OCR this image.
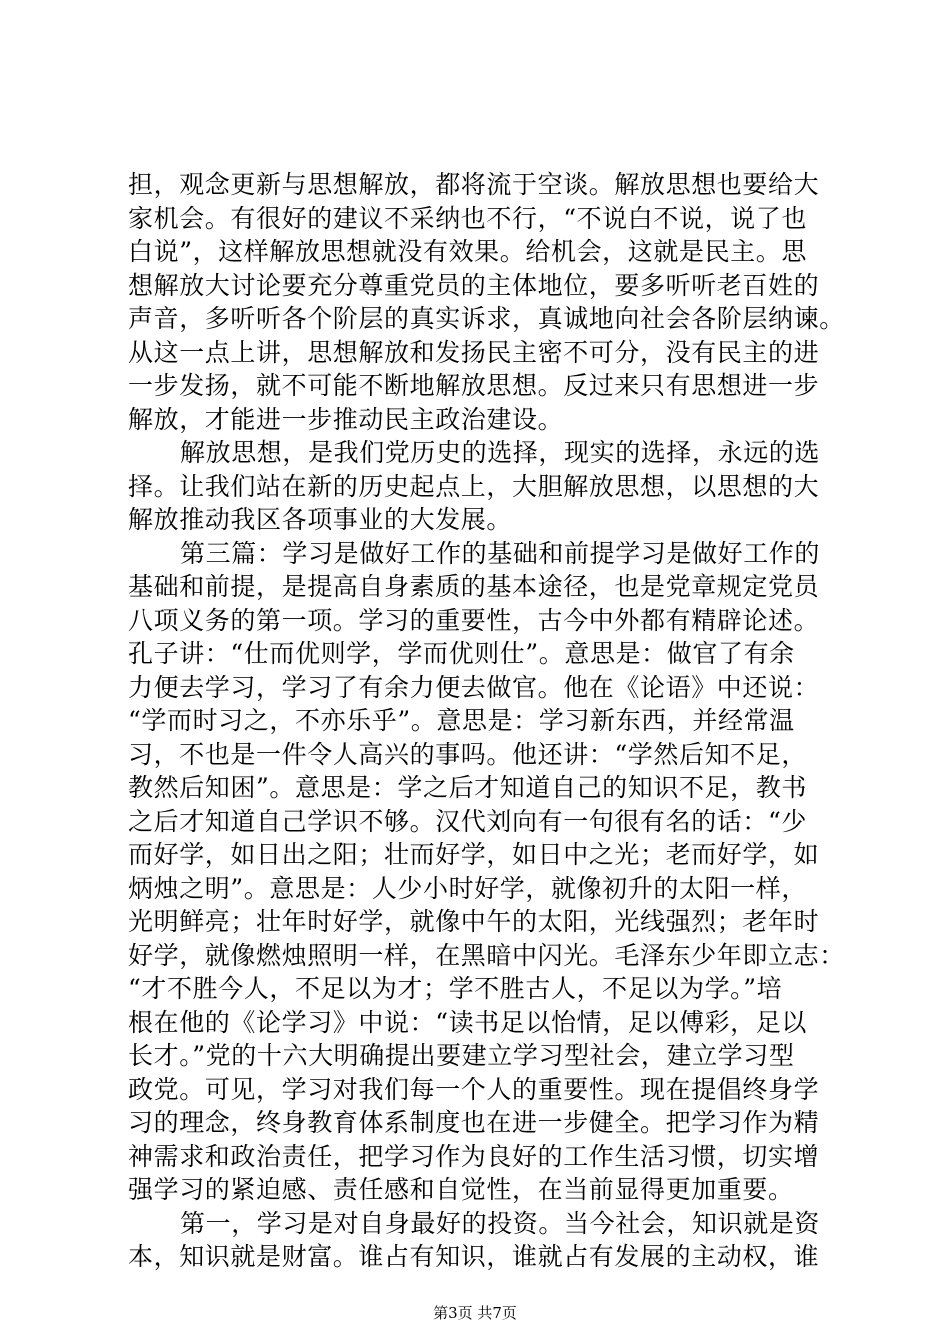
担，观念更新与思想解放，都将流于空谈。解放思想也要给大
家机会。有很好的建议不采纳也不行，“不说白不说，说了也
白说”，这样解放思想就没有效果。给机会，这就是民主。思
想解放大讨论要充分尊重党员的主体地位，要多听听老百姓的
声音，多听听各个阶层的真实诉求，真诚地向社会各阶层纳谏。
从这一点上讲，思想解放和发扬民主密不可分，没有民主的进
一步发扬，就不可能不断地解放思想。反过来只有思想进一步
解放，才能进一步推动民主政治建设。
解放思想，是我们党历史的选择，现实的选择，永远的选
择。让我们站在新的历史起点上，大胆解放思想，以思想的大
解放推动我区各项事业的大发展。
第三篇：学习是做好工作的基础和前提学习是做好工作的
基础和前提，是提高自身素质的基本途径，也是党章规定党员
八项义务的第一项。学习的重要性，古今中外都有精辟论述。
孔子讲：“仕而优则学，学而优则仕”。意思是：做官了有余
力便去学习，学习了有余力便去做官。他在《论语》中还说：
“学而时习之，不亦乐乎”。意思是：学习新东西，并经常温
习，不也是一件令人高兴的事吗。他还讲：“学然后知不足，
教然后知困”。意思是：学之后才知道自己的知识不足，教书
之后才知道自己学识不够。汉代刘向有一句很有名的话：“少
而好学，如日出之阳；壮而好学，如日中之光；老而好学，如
炳烛之明”。意思是：人少小时好学，就像初升的太阳一样，
光明鲜亮；壮年时好学，就像中午的太阳，光线强烈；老年时
好学，就像燃烛照明一样，在黑暗中闪光。毛泽东少年即立志：
“才不胜今人，不足以为才；学不胜古人，不足以为学。”培
根在他的《论学习》中说：“读书足以怡情，足以傅彩，足以
长才。”党的十六大明确提出要建立学习型社会，建立学习型
政党。可见，学习对我们每一个人的重要性。现在提倡终身学
习的理念，终身教育体系制度也在进一步健全。把学习作为精
神需求和政治责任，把学习作为良好的工作生活习惯，切实增
强学习的紧迫感、责任感和自觉性，在当前显得更加重要。
第一，学习是对自身最好的投资。当今社会，知识就是资
本，知识就是财富。谁占有知识，谁就占有发展的主动权，谁
第3页 共7页
